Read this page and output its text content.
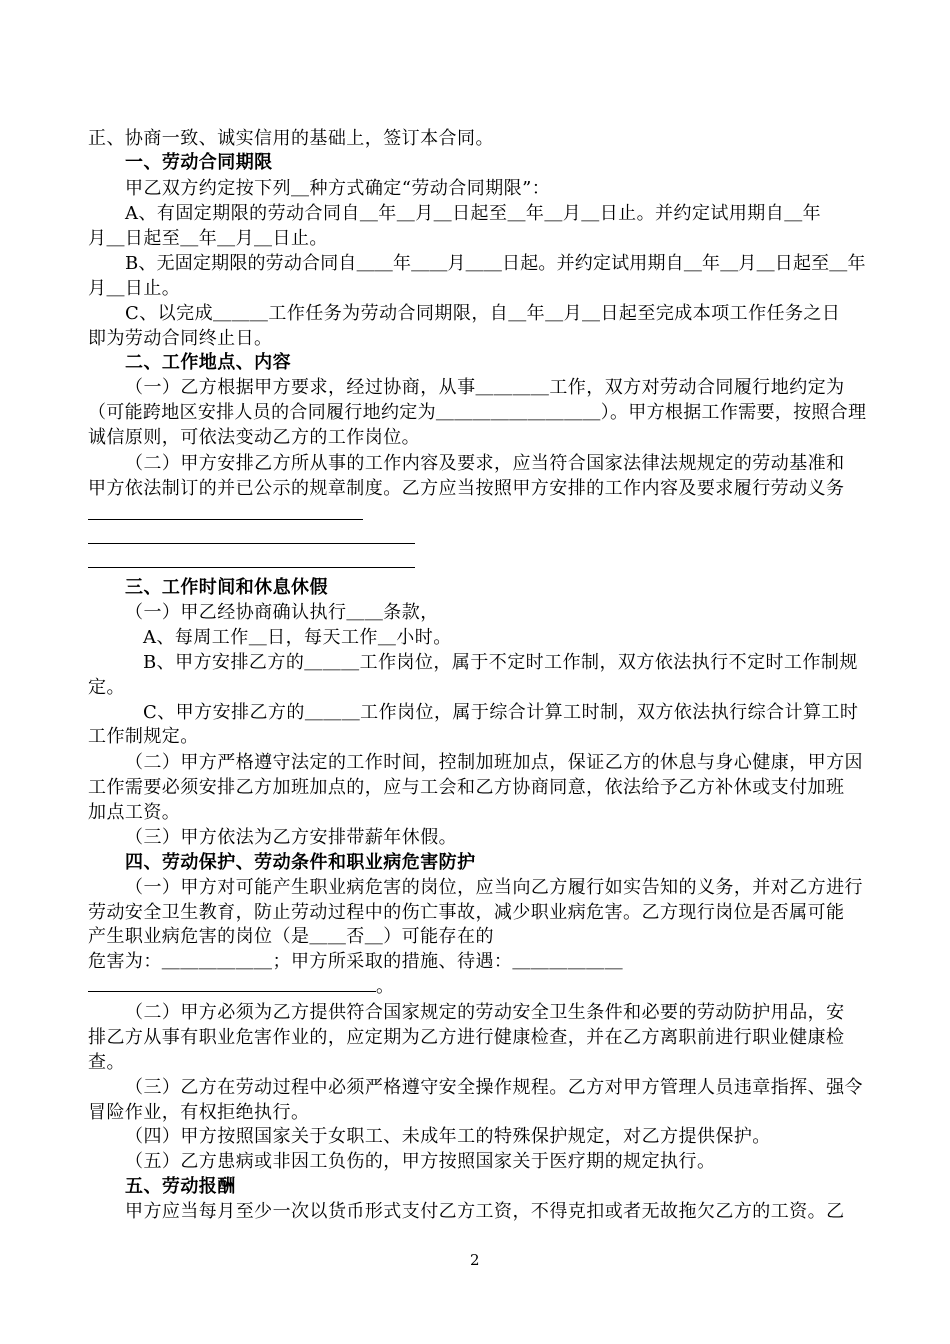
正、协商一致、诚实信用的基础上，签订本合同。
一、劳动合同期限
甲乙双方约定按下列＿种方式确定“劳动合同期限”：
A、有固定期限的劳动合同自＿年＿月＿日起至＿年＿月＿日止。并约定试用期自＿年
月＿日起至＿年＿月＿日止。
B、无固定期限的劳动合同自＿＿年＿＿月＿＿日起。并约定试用期自＿年＿月＿日起至＿年
月＿日止。
C、以完成＿＿＿工作任务为劳动合同期限，自＿年＿月＿日起至完成本项工作任务之日
即为劳动合同终止日。
二、工作地点、内容
（一）乙方根据甲方要求，经过协商，从事＿＿＿＿工作，双方对劳动合同履行地约定为
（可能跨地区安排人员的合同履行地约定为＿＿＿＿＿＿＿＿＿）。甲方根据工作需要，按照合理
诚信原则，可依法变动乙方的工作岗位。
（二）甲方安排乙方所从事的工作内容及要求，应当符合国家法律法规规定的劳动基准和
甲方依法制订的并已公示的规章制度。乙方应当按照甲方安排的工作内容及要求履行劳动义务
三、工作时间和休息休假
（一）甲乙经协商确认执行＿＿条款，
A、每周工作＿日，每天工作＿小时。
B、甲方安排乙方的＿＿＿工作岗位，属于不定时工作制，双方依法执行不定时工作制规
定。
C、甲方安排乙方的＿＿＿工作岗位，属于综合计算工时制，双方依法执行综合计算工时
工作制规定。
（二）甲方严格遵守法定的工作时间，控制加班加点，保证乙方的休息与身心健康，甲方因
工作需要必须安排乙方加班加点的，应与工会和乙方协商同意，依法给予乙方补休或支付加班
加点工资。
（三）甲方依法为乙方安排带薪年休假。
四、劳动保护、劳动条件和职业病危害防护
（一）甲方对可能产生职业病危害的岗位，应当向乙方履行如实告知的义务，并对乙方进行
劳动安全卫生教育，防止劳动过程中的伤亡事故，减少职业病危害。乙方现行岗位是否属可能
产生职业病危害的岗位（是＿＿否＿）可能存在的
危害为：＿＿＿＿＿＿；甲方所采取的措施、待遇：＿＿＿＿＿＿
。
（二）甲方必须为乙方提供符合国家规定的劳动安全卫生条件和必要的劳动防护用品，安
排乙方从事有职业危害作业的，应定期为乙方进行健康检查，并在乙方离职前进行职业健康检
查。
（三）乙方在劳动过程中必须严格遵守安全操作规程。乙方对甲方管理人员违章指挥、强令
冒险作业，有权拒绝执行。
（四）甲方按照国家关于女职工、未成年工的特殊保护规定，对乙方提供保护。
（五）乙方患病或非因工负伤的，甲方按照国家关于医疗期的规定执行。
五、劳动报酬
甲方应当每月至少一次以货币形式支付乙方工资，不得克扣或者无故拖欠乙方的工资。乙
2
